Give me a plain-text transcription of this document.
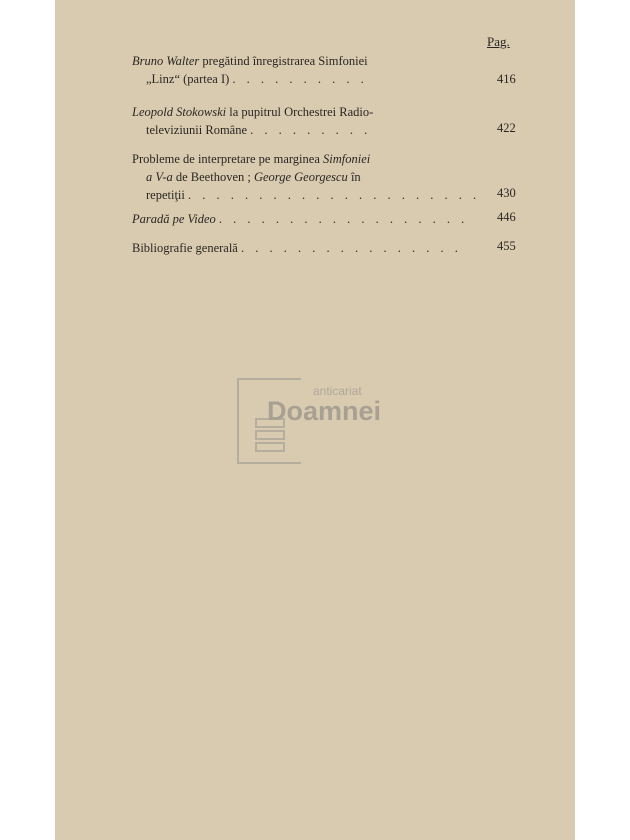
Pag.
Bruno Walter pregătind înregistrarea Simfoniei
„Linz“ (partea I) . . . . . . . . . .	416
Leopold Stokowski la pupitrul Orchestrei Radio-
televiziunii Române . . . . . . . . .	422
Probleme de interpretare pe marginea Simfoniei
a V-a de Beethoven ; George Georgescu în
repetiţii . . . . . . . . . . . . . . . . . . . . .	430
Paradă pe Video . . . . . . . . . . . . . . . . . .	446
Bibliografie generală . . . . . . . . . . . . . . . .	455
anticariat
Doamnei
